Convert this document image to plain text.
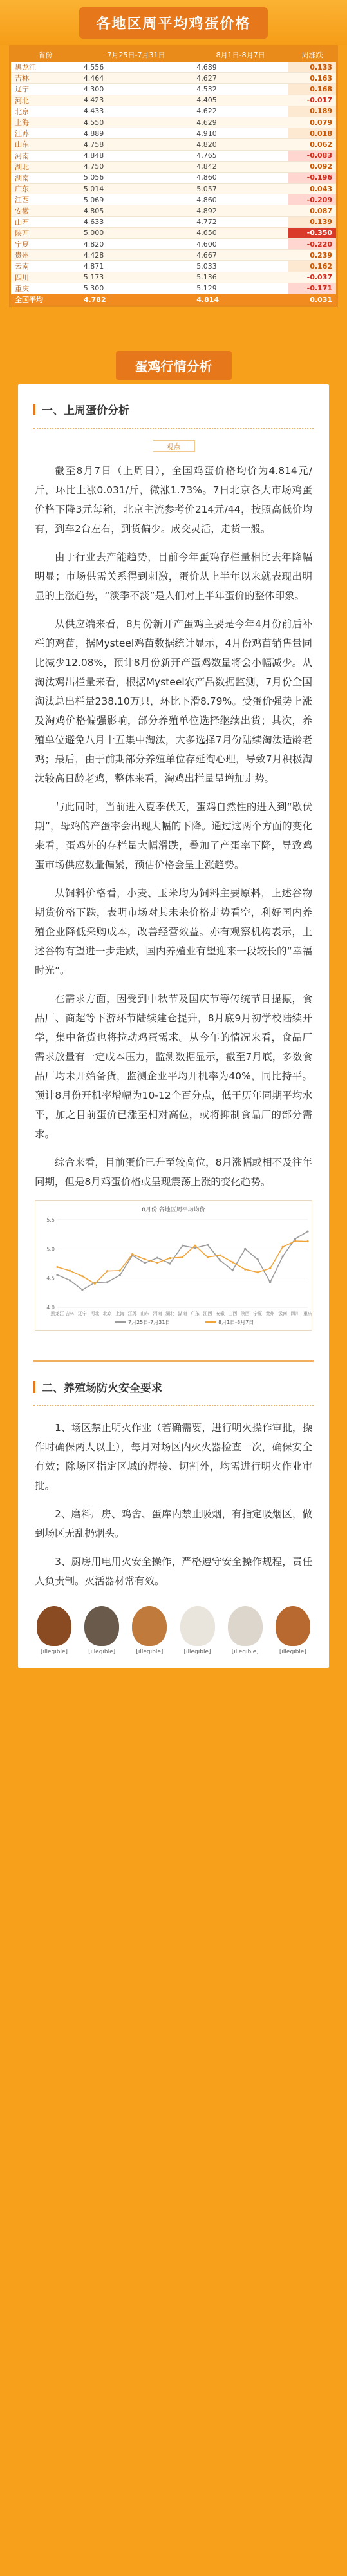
各地区周平均鸡蛋价格
省份	7月25日-7月31日	8月1日-8月7日	周涨跌
黑龙江	4.556	4.689	0.133
吉林	4.464	4.627	0.163
辽宁	4.300	4.532	0.168
河北	4.423	4.405	-0.017
北京	4.433	4.622	0.189
上海	4.550	4.629	0.079
江苏	4.889	4.910	0.018
山东	4.758	4.820	0.062
河南	4.848	4.765	-0.083
湖北	4.750	4.842	0.092
湖南	5.056	4.860	-0.196
广东	5.014	5.057	0.043
江西	5.069	4.860	-0.209
安徽	4.805	4.892	0.087
山西	4.633	4.772	0.139
陕西	5.000	4.650	-0.350
宁夏	4.820	4.600	-0.220
贵州	4.428	4.667	0.239
云南	4.871	5.033	0.162
四川	5.173	5.136	-0.037
重庆	5.300	5.129	-0.171
全国平均	4.782	4.814	0.031
蛋鸡行情分析
一、上周蛋价分析
观点

截至8月7日（上周日），全国鸡蛋价格均价为4.814元/斤，环比上涨0.031/斤，微涨1.73%。7日北京各大市场鸡蛋价格下降3元每箱，北京主流参考价214元/44，按照高低价均有，到车2台左右，到货偏少。成交灵活，走货一般。

由于行业去产能趋势，目前今年蛋鸡存栏量相比去年降幅明显；市场供需关系得到刺激，蛋价从上半年以来就表现出明显的上涨趋势，“淡季不淡”是人们对上半年蛋价的整体印象。

从供应端来看，8月份新开产蛋鸡主要是今年4月份前后补栏的鸡苗，据Mysteel鸡苗数据统计显示，4月份鸡苗销售量同比减少12.08%，预计8月份新开产蛋鸡数量将会小幅减少。从淘汰鸡出栏量来看，根据Mysteel农产品数据监测，7月份全国淘汰总出栏量238.10万只，环比下滑8.79%。受蛋价强势上涨及淘鸡价格偏强影响，部分养殖单位选择继续出货；其次，养殖单位避免八月十五集中淘汰，大多选择7月份陆续淘汰适龄老鸡；最后，由于前期部分养殖单位存延淘心理，导致7月积极淘汰较高日龄老鸡，整体来看，淘鸡出栏量呈增加走势。

与此同时，当前进入夏季伏天，蛋鸡自然性的进入到“歇伏期”，母鸡的产蛋率会出现大幅的下降。通过这两个方面的变化来看，蛋鸡外的存栏量大幅滑跌，叠加了产蛋率下降，导致鸡蛋市场供应数量偏紧，预估价格会呈上涨趋势。

从饲料价格看，小麦、玉米均为饲料主要原料，上述谷物期货价格下跌，表明市场对其未来价格走势看空，利好国内养殖企业降低采购成本，改善经营效益。亦有观察机构表示，上述谷物有望进一步走跌，国内养殖业有望迎来一段较长的“幸福时光”。

在需求方面，因受到中秋节及国庆节等传统节日提振，食品厂、商超等下游环节陆续建仓提升，8月底9月初学校陆续开学，集中备货也将拉动鸡蛋需求。从今年的情况来看，食品厂需求放量有一定成本压力，监测数据显示，截至7月底，多数食品厂均未开始备货，监测企业平均开机率为40%，同比持平。预计8月份开机率增幅为10-12个百分点，低于历年同期平均水平，加之目前蛋价已涨至相对高位，或将抑制食品厂的部分需求。

综合来看，目前蛋价已升至较高位，8月涨幅或相不及往年同期，但是8月鸡蛋价格或呈现震荡上涨的变化趋势。

8月份 各地区周平均均价
4.0
4.5
5.0
5.5
黑龙江 吉林 辽宁 河北 北京 上海 江苏 山东 河南 湖北 湖南 广东 江西 安徽 山西 陕西 宁夏 贵州 云南 四川 重庆
7月25日-7月31日	8月1日-8月7日
二、养殖场防火安全要求

1、场区禁止明火作业（若确需要，进行明火操作审批，操作时确保两人以上），每月对场区内灭火器检查一次，确保安全有效；除场区指定区域的焊接、切割外，均需进行明火作业审批。

2、磨料厂房、鸡舍、蛋库内禁止吸烟，有指定吸烟区，做到场区无乱扔烟头。

3、厨房用电用火安全操作，严格遵守安全操作规程，责任人负责制。灭活器材常有效。

[illegible]	[illegible]	[illegible]	[illegible]	[illegible]	[illegible]
